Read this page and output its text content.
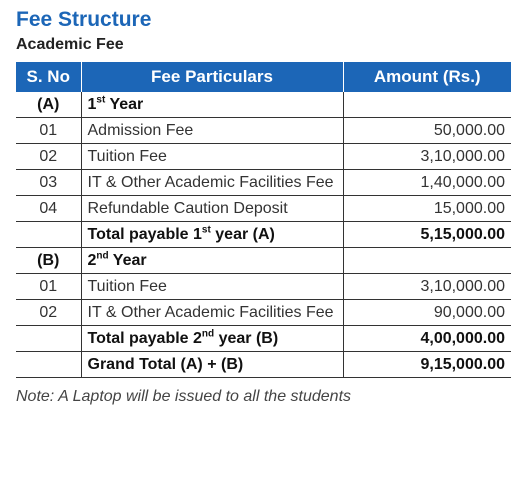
Fee Structure
Academic Fee
S. No	Fee Particulars	Amount (Rs.)
(A)	1st Year	
01	Admission Fee	50,000.00
02	Tuition Fee	3,10,000.00
03	IT & Other Academic Facilities Fee	1,40,000.00
04	Refundable Caution Deposit	15,000.00
	Total payable 1st year (A)	5,15,000.00
(B)	2nd Year	
01	Tuition Fee	3,10,000.00
02	IT & Other Academic Facilities Fee	90,000.00
	Total payable 2nd year (B)	4,00,000.00
	Grand Total (A) + (B)	9,15,000.00
Note: A Laptop will be issued to all the students
